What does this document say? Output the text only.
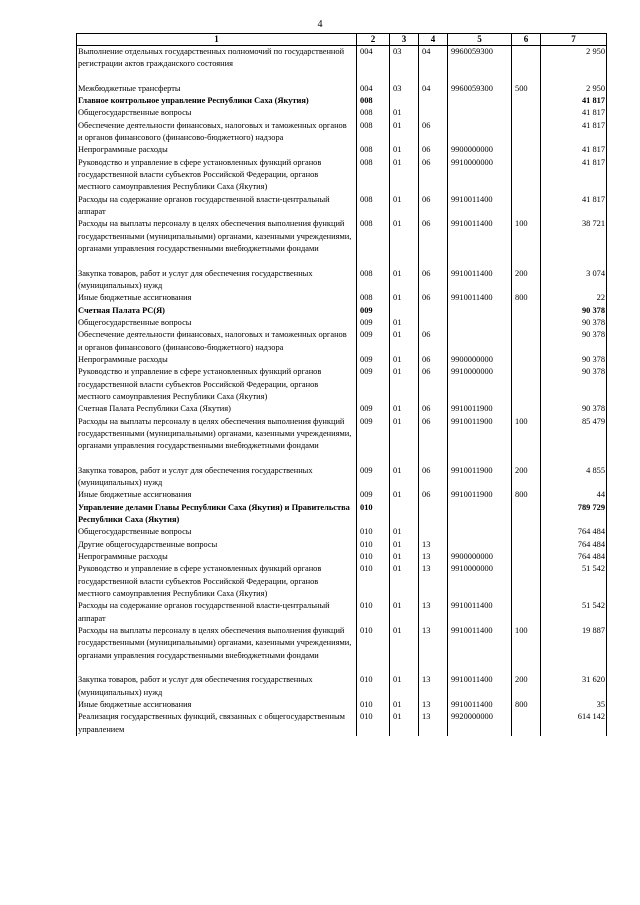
4
1	2	3	4	5	6	7
Выполнение отдельных государственных полномочий по государственной регистрации актов гражданского состояния	004	03	04	9960059300		2 950

Межбюджетные трансферты	004	03	04	9960059300	500	2 950
Главное контрольное управление Республики Саха (Якутия)	008					41 817
Общегосударственные вопросы	008	01				41 817
Обеспечение деятельности финансовых, налоговых и таможенных органов и органов финансового (финансово-бюджетного) надзора	008	01	06			41 817
Непрограммные расходы	008	01	06	9900000000		41 817
Руководство и управление в сфере установленных функций органов государственной власти субъектов Российской Федерации, органов местного самоуправления Республики Саха (Якутия)	008	01	06	9910000000		41 817
Расходы на содержание органов государственной власти-центральный аппарат	008	01	06	9910011400		41 817
Расходы на выплаты персоналу в целях обеспечения выполнения функций государственными (муниципальными) органами, казенными учреждениями, органами управления государственными внебюджетными фондами	008	01	06	9910011400	100	38 721

Закупка товаров, работ и услуг для обеспечения государственных (муниципальных) нужд	008	01	06	9910011400	200	3 074
Иные бюджетные ассигнования	008	01	06	9910011400	800	22
Счетная Палата РС(Я)	009					90 378
Общегосударственные вопросы	009	01				90 378
Обеспечение деятельности финансовых, налоговых и таможенных органов и органов финансового (финансово-бюджетного) надзора	009	01	06			90 378
Непрограммные расходы	009	01	06	9900000000		90 378
Руководство и управление в сфере установленных функций органов государственной власти субъектов Российской Федерации, органов местного самоуправления Республики Саха (Якутия)	009	01	06	9910000000		90 378
Счетная Палата Республики Саха (Якутия)	009	01	06	9910011900		90 378
Расходы на выплаты персоналу в целях обеспечения выполнения функций государственными (муниципальными) органами, казенными учреждениями, органами управления государственными внебюджетными фондами	009	01	06	9910011900	100	85 479

Закупка товаров, работ и услуг для обеспечения государственных (муниципальных) нужд	009	01	06	9910011900	200	4 855
Иные бюджетные ассигнования	009	01	06	9910011900	800	44
Управление делами Главы Республики Саха (Якутия) и Правительства Республики Саха (Якутия)	010					789 729
Общегосударственные вопросы	010	01				764 484
Другие общегосударственные вопросы	010	01	13			764 484
Непрограммные расходы	010	01	13	9900000000		764 484
Руководство и управление в сфере установленных функций органов государственной власти субъектов Российской Федерации, органов местного самоуправления Республики Саха (Якутия)	010	01	13	9910000000		51 542
Расходы на содержание органов государственной власти-центральный аппарат	010	01	13	9910011400		51 542
Расходы на выплаты персоналу в целях обеспечения выполнения функций государственными (муниципальными) органами, казенными учреждениями, органами управления государственными внебюджетными фондами	010	01	13	9910011400	100	19 887

Закупка товаров, работ и услуг для обеспечения государственных (муниципальных) нужд	010	01	13	9910011400	200	31 620
Иные бюджетные ассигнования	010	01	13	9910011400	800	35
Реализация государственных функций, связанных с общегосударственным управлением	010	01	13	9920000000		614 142
